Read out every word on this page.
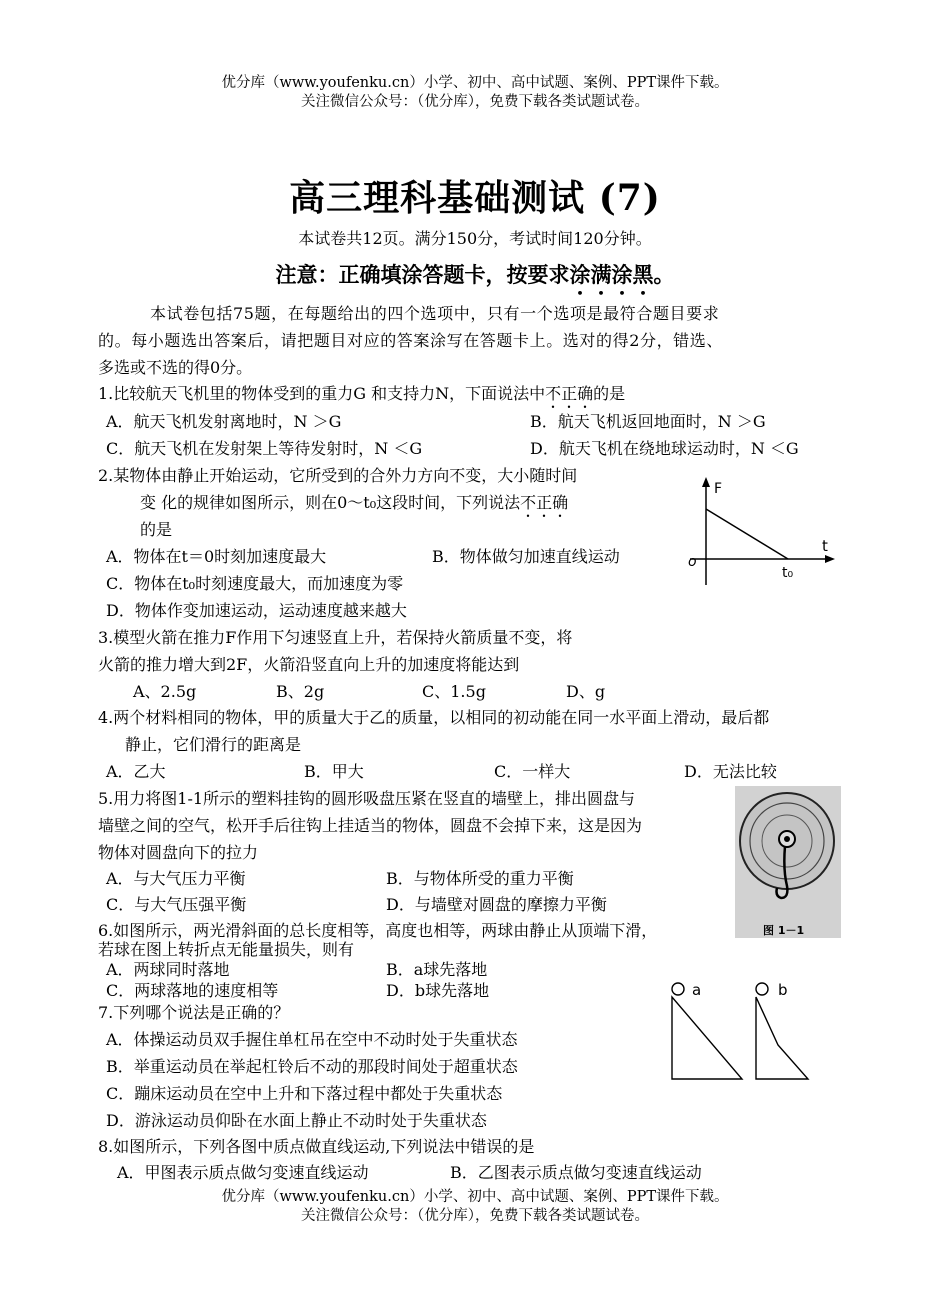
优分库（www.youfenku.cn）小学、初中、高中试题、案例、PPT课件下载。
关注微信公众号：（优分库），免费下载各类试题试卷。
高三理科基础测试 (7)
本试卷共12页。满分150分，考试时间120分钟。
注意：正确填涂答题卡，按要求涂满涂黑。
本试卷包括75题，在每题给出的四个选项中，只有一个选项是最符合题目要求
的。每小题选出答案后，请把题目对应的答案涂写在答题卡上。选对的得2分，错选、
多选或不选的得0分。
1.比较航天飞机里的物体受到的重力G 和支持力N，下面说法中不正确的是
A．航天飞机发射离地时，N ＞G	B．航天飞机返回地面时，N ＞G
C．航天飞机在发射架上等待发射时，N ＜G	D．航天飞机在绕地球运动时，N ＜G
2.某物体由静止开始运动，它所受到的合外力方向不变，大小随时间
变 化的规律如图所示，则在0～t₀这段时间，下列说法不正确
的是
A．物体在t＝0时刻加速度最大	B．物体做匀加速直线运动
C．物体在t₀时刻速度最大，而加速度为零
D．物体作变加速运动，运动速度越来越大
F
t
o
t₀
3.模型火箭在推力F作用下匀速竖直上升，若保持火箭质量不变，将
火箭的推力增大到2F，火箭沿竖直向上升的加速度将能达到
A、2.5g	B、2g	C、1.5g	D、g
4.两个材料相同的物体，甲的质量大于乙的质量，以相同的初动能在同一水平面上滑动，最后都
静止，它们滑行的距离是
A．乙大	B．甲大	C．一样大	D．无法比较
5.用力将图1-1所示的塑料挂钩的圆形吸盘压紧在竖直的墙壁上，排出圆盘与
墙壁之间的空气，松开手后往钩上挂适当的物体，圆盘不会掉下来，这是因为
物体对圆盘向下的拉力
A．与大气压力平衡	B．与物体所受的重力平衡
C．与大气压强平衡	D．与墙壁对圆盘的摩擦力平衡
图 1－1
6.如图所示，两光滑斜面的总长度相等，高度也相等，两球由静止从顶端下滑，
若球在图上转折点无能量损失，则有
A．两球同时落地	B．a球先落地
C．两球落地的速度相等	D．b球先落地	a	b
7.下列哪个说法是正确的？
A．体操运动员双手握住单杠吊在空中不动时处于失重状态
B．举重运动员在举起杠铃后不动的那段时间处于超重状态
C．蹦床运动员在空中上升和下落过程中都处于失重状态
D．游泳运动员仰卧在水面上静止不动时处于失重状态
8.如图所示，下列各图中质点做直线运动,下列说法中错误的是
A．甲图表示质点做匀变速直线运动	B．乙图表示质点做匀变速直线运动
优分库（www.youfenku.cn）小学、初中、高中试题、案例、PPT课件下载。
关注微信公众号：（优分库），免费下载各类试题试卷。
